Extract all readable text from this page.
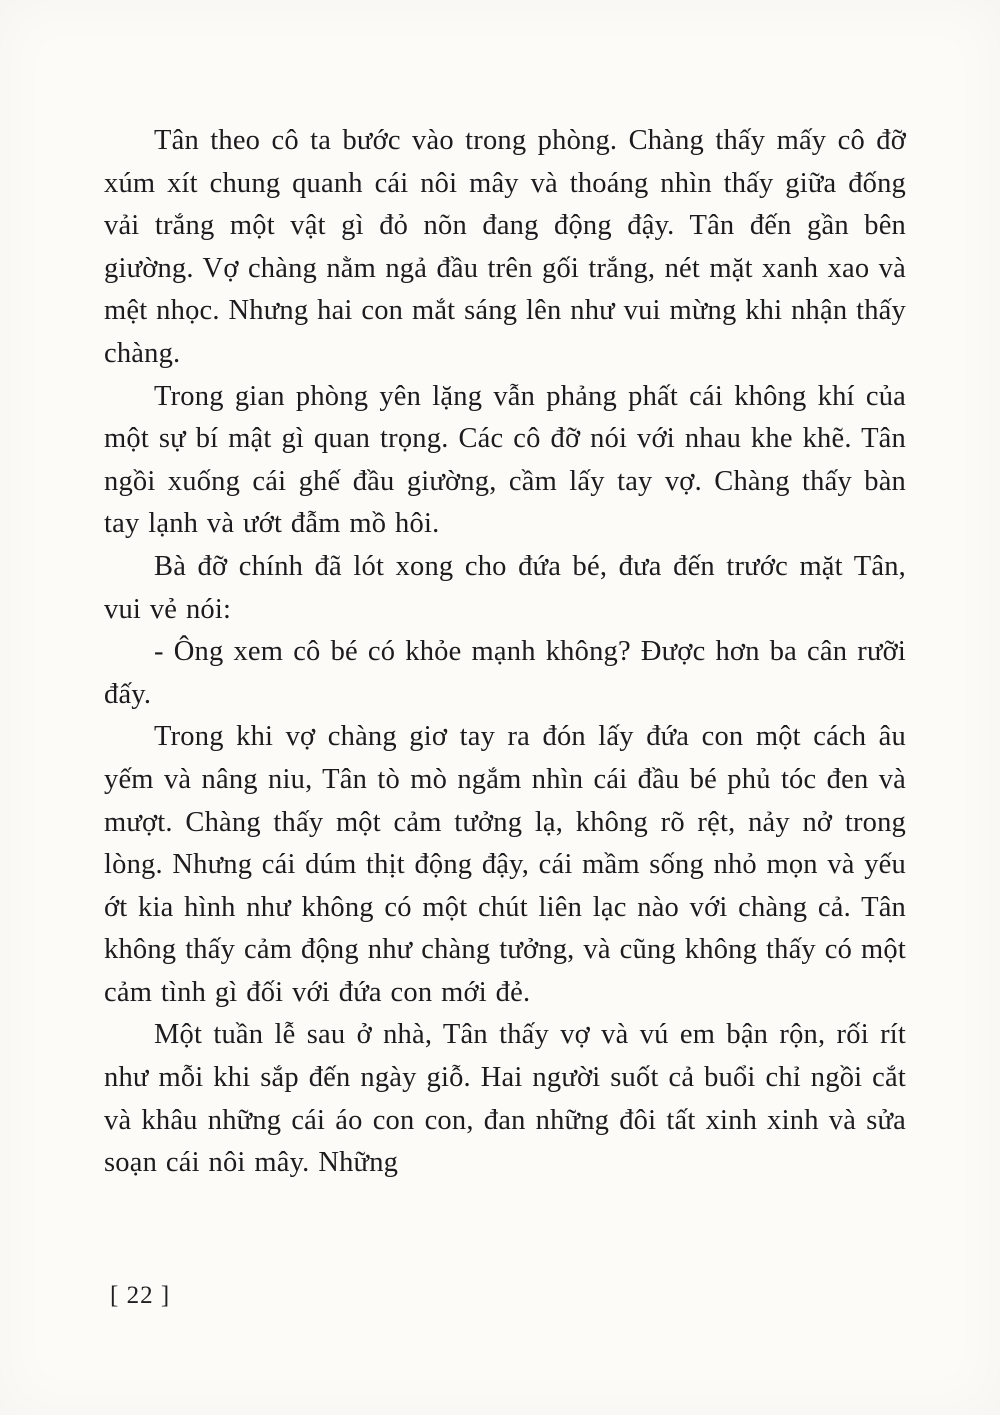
Tân theo cô ta bước vào trong phòng. Chàng thấy mấy cô đỡ xúm xít chung quanh cái nôi mây và thoáng nhìn thấy giữa đống vải trắng một vật gì đỏ nõn đang động đậy. Tân đến gần bên giường. Vợ chàng nằm ngả đầu trên gối trắng, nét mặt xanh xao và mệt nhọc. Nhưng hai con mắt sáng lên như vui mừng khi nhận thấy chàng.

Trong gian phòng yên lặng vẫn phảng phất cái không khí của một sự bí mật gì quan trọng. Các cô đỡ nói với nhau khe khẽ. Tân ngồi xuống cái ghế đầu giường, cầm lấy tay vợ. Chàng thấy bàn tay lạnh và ướt đẫm mồ hôi.

Bà đỡ chính đã lót xong cho đứa bé, đưa đến trước mặt Tân, vui vẻ nói:

- Ông xem cô bé có khỏe mạnh không? Được hơn ba cân rưỡi đấy.

Trong khi vợ chàng giơ tay ra đón lấy đứa con một cách âu yếm và nâng niu, Tân tò mò ngắm nhìn cái đầu bé phủ tóc đen và mượt. Chàng thấy một cảm tưởng lạ, không rõ rệt, nảy nở trong lòng. Nhưng cái dúm thịt động đậy, cái mầm sống nhỏ mọn và yếu ớt kia hình như không có một chút liên lạc nào với chàng cả. Tân không thấy cảm động như chàng tưởng, và cũng không thấy có một cảm tình gì đối với đứa con mới đẻ.

Một tuần lễ sau ở nhà, Tân thấy vợ và vú em bận rộn, rối rít như mỗi khi sắp đến ngày giỗ. Hai người suốt cả buổi chỉ ngồi cắt và khâu những cái áo con con, đan những đôi tất xinh xinh và sửa soạn cái nôi mây. Những

[ 22 ]
